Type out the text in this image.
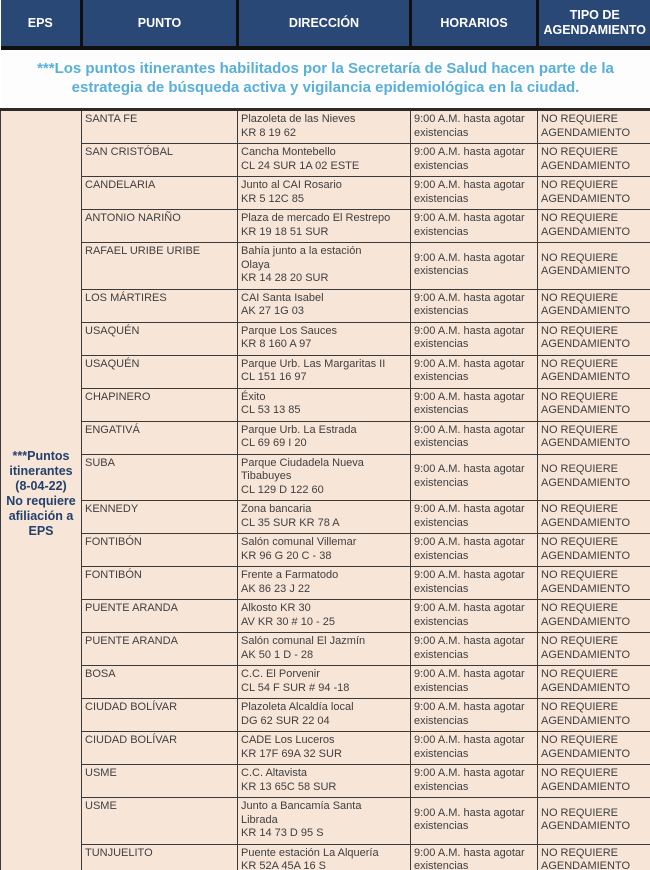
EPS	PUNTO	DIRECCIÓN	HORARIOS	TIPO DE AGENDAMIENTO
***Los puntos itinerantes habilitados por la Secretaría de Salud hacen parte de la estrategia de búsqueda activa y vigilancia epidemiológica en la ciudad.				

***Puntos
itinerantes
(8-04-22)
No requiere
afiliación a
EPS
	SANTA FE	Plazoleta de las Nieves
KR 8 19 62
	9:00 A.M. hasta agotar existencias	NO REQUIERE AGENDAMIENTO
	SAN CRISTÓBAL	Cancha Montebello
CL 24 SUR 1A 02 ESTE	9:00 A.M. hasta agotar existencias	NO REQUIERE AGENDAMIENTO
	CANDELARIA	Junto al CAI Rosario
KR 5 12C 85	9:00 A.M. hasta agotar existencias	NO REQUIERE AGENDAMIENTO
	ANTONIO NARIÑO	Plaza de mercado El Restrepo
KR 19 18 51 SUR	9:00 A.M. hasta agotar existencias	NO REQUIERE AGENDAMIENTO
	RAFAEL URIBE URIBE	Bahía junto a la estación
Olaya
KR 14 28 20 SUR	9:00 A.M. hasta agotar existencias	NO REQUIERE AGENDAMIENTO
	LOS MÁRTIRES	CAI Santa Isabel
AK 27 1G 03	9:00 A.M. hasta agotar existencias	NO REQUIERE AGENDAMIENTO
	USAQUÉN	Parque Los Sauces
KR 8 160 A 97	9:00 A.M. hasta agotar existencias	NO REQUIERE AGENDAMIENTO
	USAQUÉN	Parque Urb. Las Margaritas II
CL 151 16 97	9:00 A.M. hasta agotar existencias	NO REQUIERE AGENDAMIENTO
	CHAPINERO	Éxito
CL 53 13 85	9:00 A.M. hasta agotar existencias	NO REQUIERE AGENDAMIENTO
	ENGATIVÁ	Parque Urb. La Estrada
CL 69 69 I 20	9:00 A.M. hasta agotar existencias	NO REQUIERE AGENDAMIENTO
	SUBA	Parque Ciudadela Nueva
Tibabuyes
CL 129 D 122 60	9:00 A.M. hasta agotar existencias	NO REQUIERE AGENDAMIENTO
	KENNEDY	Zona bancaria
CL 35 SUR KR 78 A	9:00 A.M. hasta agotar existencias	NO REQUIERE AGENDAMIENTO
	FONTIBÓN	Salón comunal Villemar
KR 96 G 20 C - 38	9:00 A.M. hasta agotar existencias	NO REQUIERE AGENDAMIENTO
	FONTIBÓN	Frente a Farmatodo
AK 86 23 J 22	9:00 A.M. hasta agotar existencias	NO REQUIERE AGENDAMIENTO
	PUENTE ARANDA	Alkosto KR 30
AV KR 30 # 10 - 25	9:00 A.M. hasta agotar existencias	NO REQUIERE AGENDAMIENTO
	PUENTE ARANDA	Salón comunal El Jazmín
AK 50 1 D - 28	9:00 A.M. hasta agotar existencias	NO REQUIERE AGENDAMIENTO
	BOSA	C.C. El Porvenir
CL 54 F SUR # 94 -18	9:00 A.M. hasta agotar existencias	NO REQUIERE AGENDAMIENTO
	CIUDAD BOLÍVAR	Plazoleta Alcaldía local
DG 62 SUR 22 04	9:00 A.M. hasta agotar existencias	NO REQUIERE AGENDAMIENTO
	CIUDAD BOLÍVAR	CADE Los Luceros
KR 17F 69A 32 SUR	9:00 A.M. hasta agotar existencias	NO REQUIERE AGENDAMIENTO
	USME	C.C. Altavista
KR 13 65C 58 SUR	9:00 A.M. hasta agotar existencias	NO REQUIERE AGENDAMIENTO
	USME	Junto a Bancamía Santa
Librada
KR 14 73 D 95 S	9:00 A.M. hasta agotar existencias	NO REQUIERE AGENDAMIENTO
	TUNJUELITO	Puente estación La Alquería
KR 52A 45A 16 S	9:00 A.M. hasta agotar existencias	NO REQUIERE AGENDAMIENTO
